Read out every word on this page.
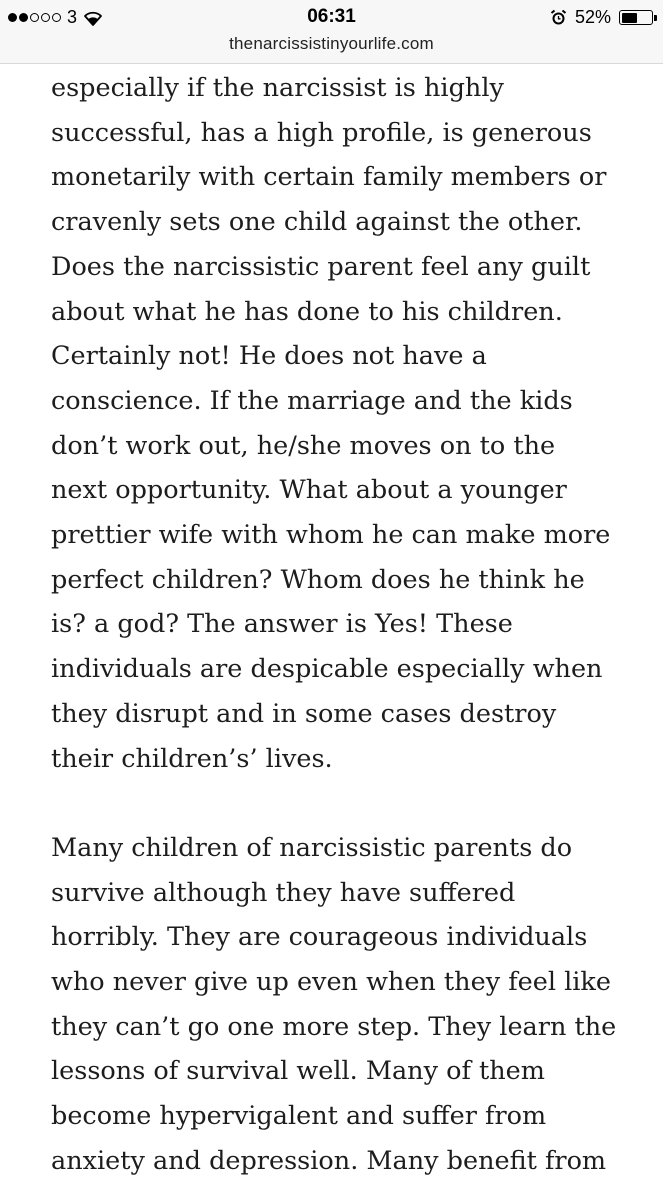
3	06:31	52%
thenarcissistinyourlife.com

especially if the narcissist is highly

successful, has a high profile, is generous

monetarily with certain family members or

cravenly sets one child against the other.

Does the narcissistic parent feel any guilt

about what he has done to his children.

Certainly not! He does not have a

conscience. If the marriage and the kids

don’t work out, he/she moves on to the

next opportunity. What about a younger

prettier wife with whom he can make more

perfect children? Whom does he think he

is? a god? The answer is Yes! These

individuals are despicable especially when

they disrupt and in some cases destroy

their children’s’ lives.

Many children of narcissistic parents do

survive although they have suffered

horribly. They are courageous individuals

who never give up even when they feel like

they can’t go one more step. They learn the

lessons of survival well. Many of them

become hypervigalent and suffer from

anxiety and depression. Many benefit from
